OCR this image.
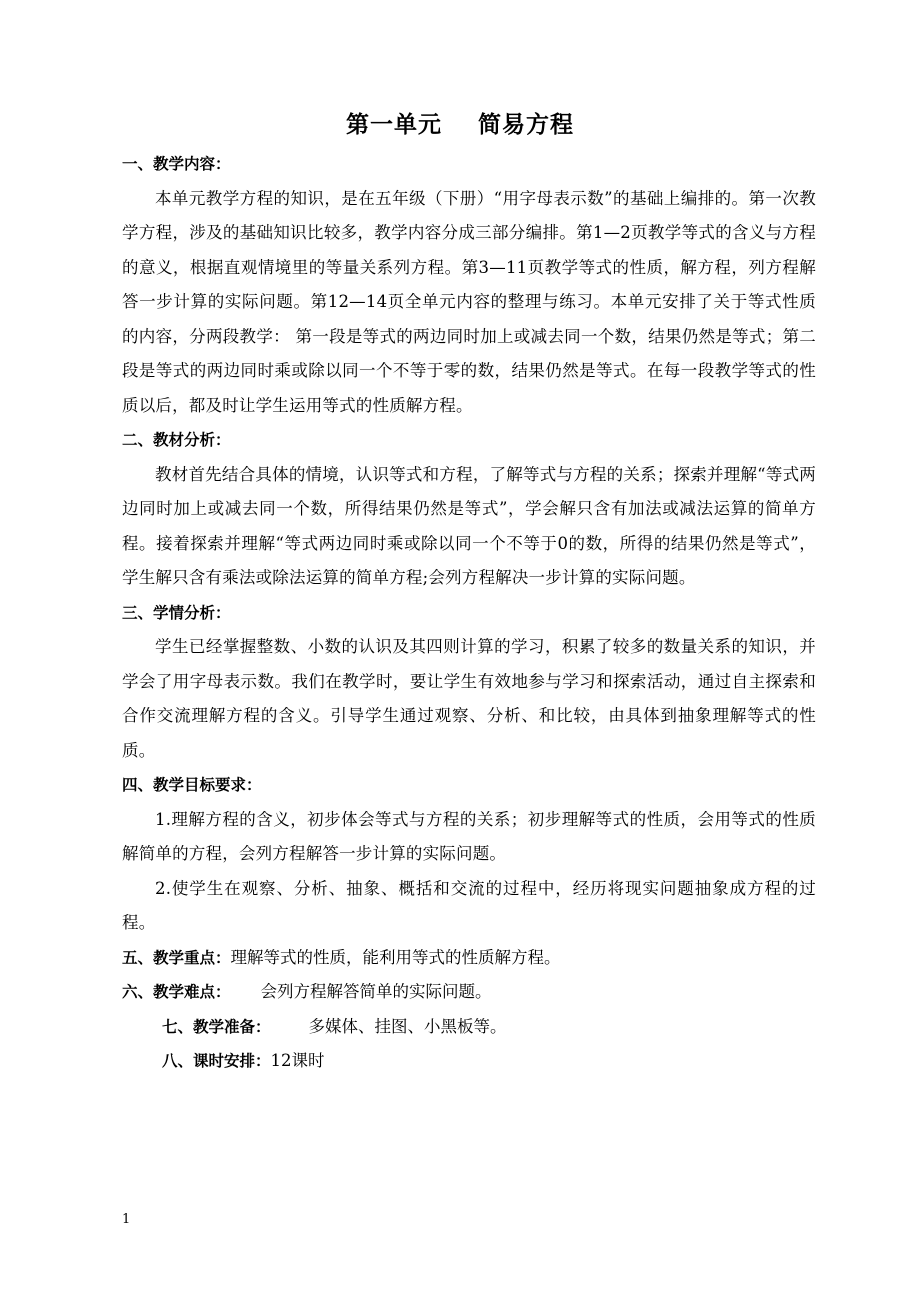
第一单元 简易方程

一、教学内容：

本单元教学方程的知识，是在五年级（下册）“用字母表示数”的基础上编排的。第一次教学方程，涉及的基础知识比较多，教学内容分成三部分编排。第1—2页教学等式的含义与方程的意义，根据直观情境里的等量关系列方程。第3—11页教学等式的性质，解方程，列方程解答一步计算的实际问题。第12—14页全单元内容的整理与练习。本单元安排了关于等式性质的内容，分两段教学： 第一段是等式的两边同时加上或减去同一个数，结果仍然是等式；第二段是等式的两边同时乘或除以同一个不等于零的数，结果仍然是等式。在每一段教学等式的性质以后，都及时让学生运用等式的性质解方程。

二、教材分析：

教材首先结合具体的情境，认识等式和方程，了解等式与方程的关系；探索并理解“等式两边同时加上或减去同一个数，所得结果仍然是等式”，学会解只含有加法或减法运算的简单方程。接着探索并理解“等式两边同时乘或除以同一个不等于0的数，所得的结果仍然是等式”，学生解只含有乘法或除法运算的简单方程;会列方程解决一步计算的实际问题。

三、学情分析：

学生已经掌握整数、小数的认识及其四则计算的学习，积累了较多的数量关系的知识，并学会了用字母表示数。我们在教学时，要让学生有效地参与学习和探索活动，通过自主探索和合作交流理解方程的含义。引导学生通过观察、分析、和比较，由具体到抽象理解等式的性质。

四、教学目标要求：

1.理解方程的含义，初步体会等式与方程的关系；初步理解等式的性质，会用等式的性质解简单的方程，会列方程解答一步计算的实际问题。

2.使学生在观察、分析、抽象、概括和交流的过程中，经历将现实问题抽象成方程的过程。

五、教学重点：理解等式的性质，能利用等式的性质解方程。

六、教学难点： 会列方程解答简单的实际问题。

七、教学准备： 多媒体、挂图、小黑板等。

八、课时安排：12课时

1
